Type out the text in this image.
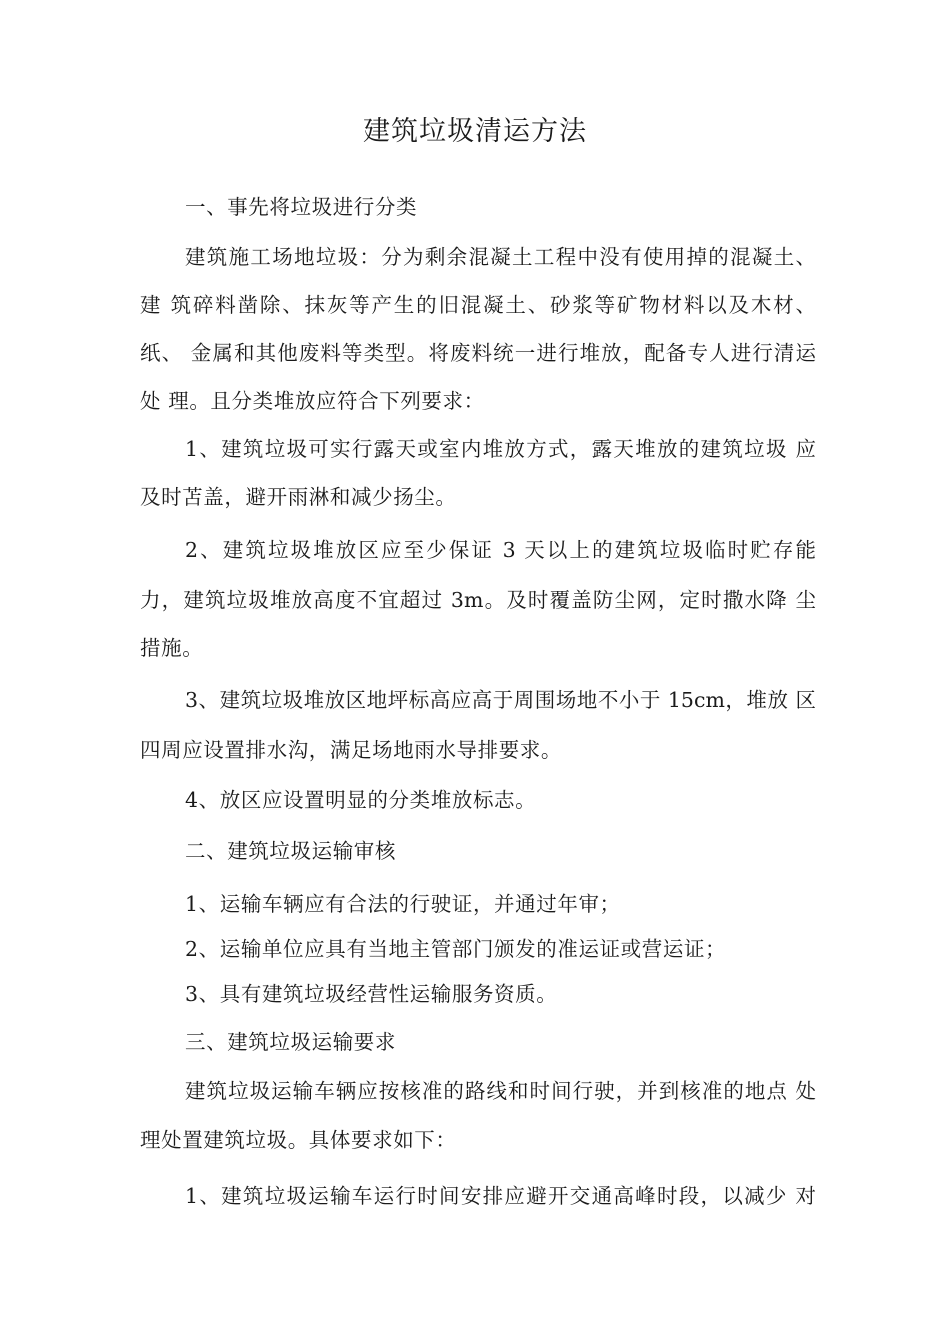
建筑垃圾清运方法
一、事先将垃圾进行分类
建筑施工场地垃圾：分为剩余混凝土工程中没有使用掉的混凝土、
建 筑碎料凿除、抹灰等产生的旧混凝土、砂浆等矿物材料以及木材、
纸、 金属和其他废料等类型。将废料统一进行堆放，配备专人进行清运
处 理。且分类堆放应符合下列要求：
1、建筑垃圾可实行露天或室内堆放方式，露天堆放的建筑垃圾 应
及时苫盖，避开雨淋和减少扬尘。
2、建筑垃圾堆放区应至少保证 3 天以上的建筑垃圾临时贮存能
力，建筑垃圾堆放高度不宜超过 3m。及时覆盖防尘网，定时撒水降 尘
措施。
3、建筑垃圾堆放区地坪标高应高于周围场地不小于 15cm，堆放 区
四周应设置排水沟，满足场地雨水导排要求。
4、放区应设置明显的分类堆放标志。
二、建筑垃圾运输审核
1、运输车辆应有合法的行驶证，并通过年审；
2、运输单位应具有当地主管部门颁发的准运证或营运证；
3、具有建筑垃圾经营性运输服务资质。
三、建筑垃圾运输要求
建筑垃圾运输车辆应按核准的路线和时间行驶，并到核准的地点 处
理处置建筑垃圾。具体要求如下：
1、建筑垃圾运输车运行时间安排应避开交通高峰时段，以减少 对
